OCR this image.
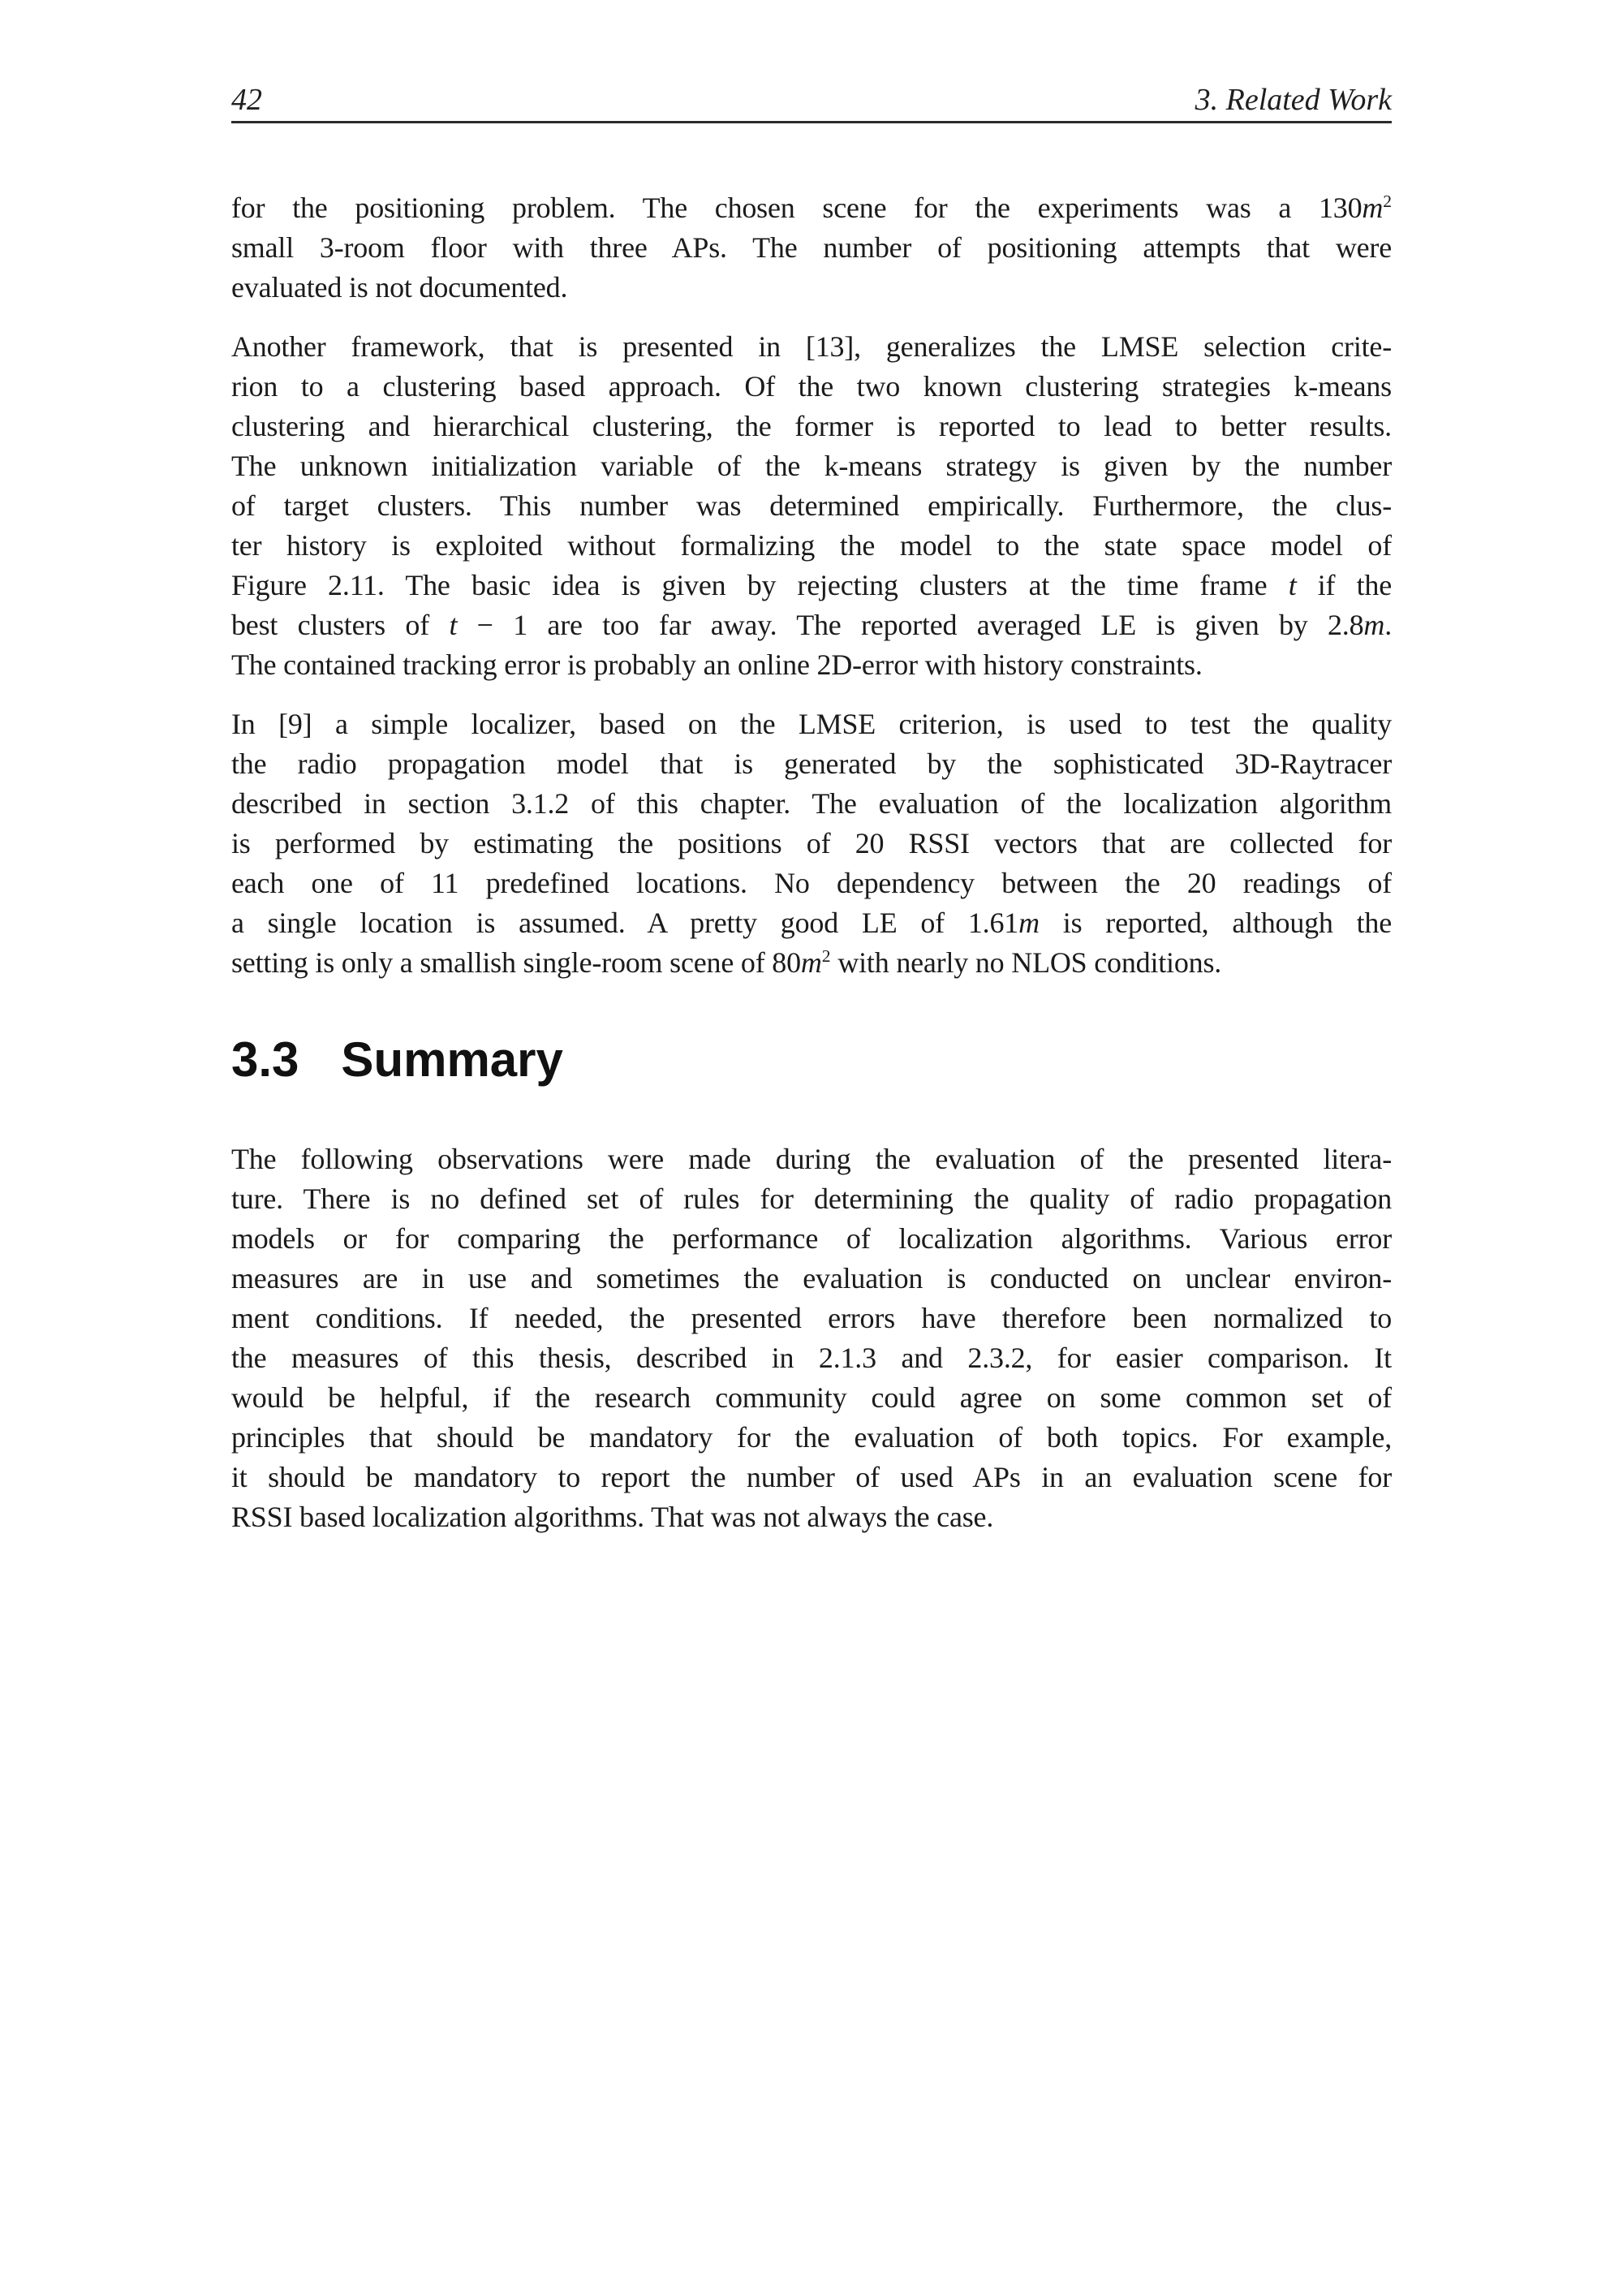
42	3. Related Work
for the positioning problem. The chosen scene for the experiments was a $130m^2$
small 3-room floor with three APs. The number of positioning attempts that were
evaluated is not documented.
Another framework, that is presented in [13], generalizes the LMSE selection crite-
rion to a clustering based approach. Of the two known clustering strategies k-means
clustering and hierarchical clustering, the former is reported to lead to better results.
The unknown initialization variable of the k-means strategy is given by the number
of target clusters. This number was determined empirically. Furthermore, the clus-
ter history is exploited without formalizing the model to the state space model of
Figure 2.11. The basic idea is given by rejecting clusters at the time frame t if the
best clusters of t − 1 are too far away. The reported averaged LE is given by 2.8m.
The contained tracking error is probably an online 2D-error with history constraints.
In [9] a simple localizer, based on the LMSE criterion, is used to test the quality
the radio propagation model that is generated by the sophisticated 3D-Raytracer
described in section 3.1.2 of this chapter. The evaluation of the localization algorithm
is performed by estimating the positions of 20 RSSI vectors that are collected for
each one of 11 predefined locations. No dependency between the 20 readings of
a single location is assumed. A pretty good LE of 1.61m is reported, although the
setting is only a smallish single-room scene of $80m^2$ with nearly no NLOS conditions.
3.3 Summary
The following observations were made during the evaluation of the presented litera-
ture. There is no defined set of rules for determining the quality of radio propagation
models or for comparing the performance of localization algorithms. Various error
measures are in use and sometimes the evaluation is conducted on unclear environ-
ment conditions. If needed, the presented errors have therefore been normalized to
the measures of this thesis, described in 2.1.3 and 2.3.2, for easier comparison. It
would be helpful, if the research community could agree on some common set of
principles that should be mandatory for the evaluation of both topics. For example,
it should be mandatory to report the number of used APs in an evaluation scene for
RSSI based localization algorithms. That was not always the case.
